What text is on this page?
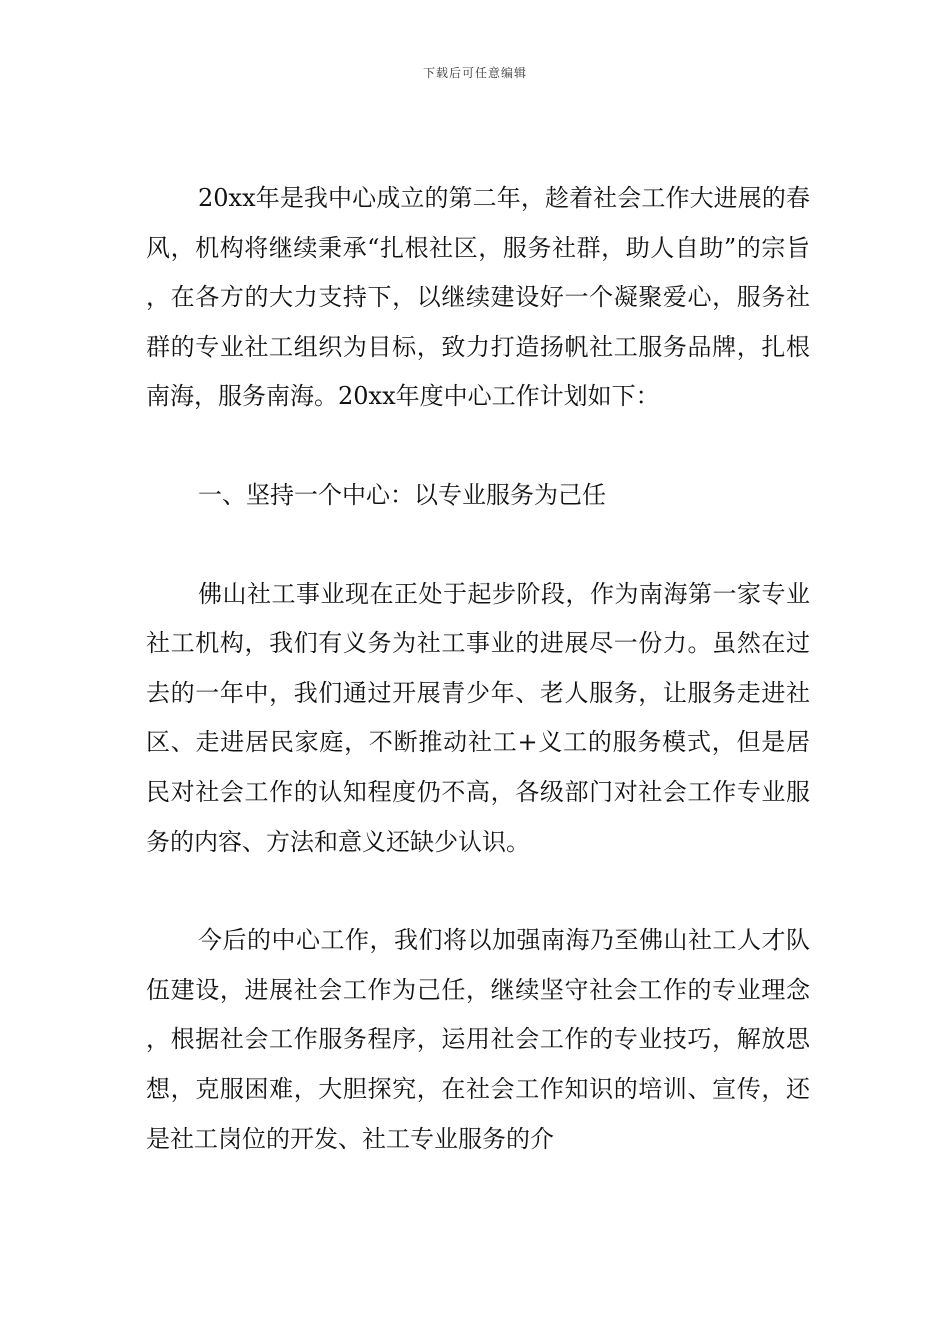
下载后可任意编辑

20xx年是我中心成立的第二年，趁着社会工作大进展的春风，机构将继续秉承“扎根社区，服务社群，助人自助”的宗旨，在各方的大力支持下，以继续建设好一个凝聚爱心，服务社群的专业社工组织为目标，致力打造扬帆社工服务品牌，扎根南海，服务南海。20xx年度中心工作计划如下：

一、坚持一个中心：以专业服务为己任

佛山社工事业现在正处于起步阶段，作为南海第一家专业社工机构，我们有义务为社工事业的进展尽一份力。虽然在过去的一年中，我们通过开展青少年、老人服务，让服务走进社区、走进居民家庭，不断推动社工+义工的服务模式，但是居民对社会工作的认知程度仍不高，各级部门对社会工作专业服务的内容、方法和意义还缺少认识。

今后的中心工作，我们将以加强南海乃至佛山社工人才队伍建设，进展社会工作为己任，继续坚守社会工作的专业理念，根据社会工作服务程序，运用社会工作的专业技巧，解放思想，克服困难，大胆探究，在社会工作知识的培训、宣传，还是社工岗位的开发、社工专业服务的介
